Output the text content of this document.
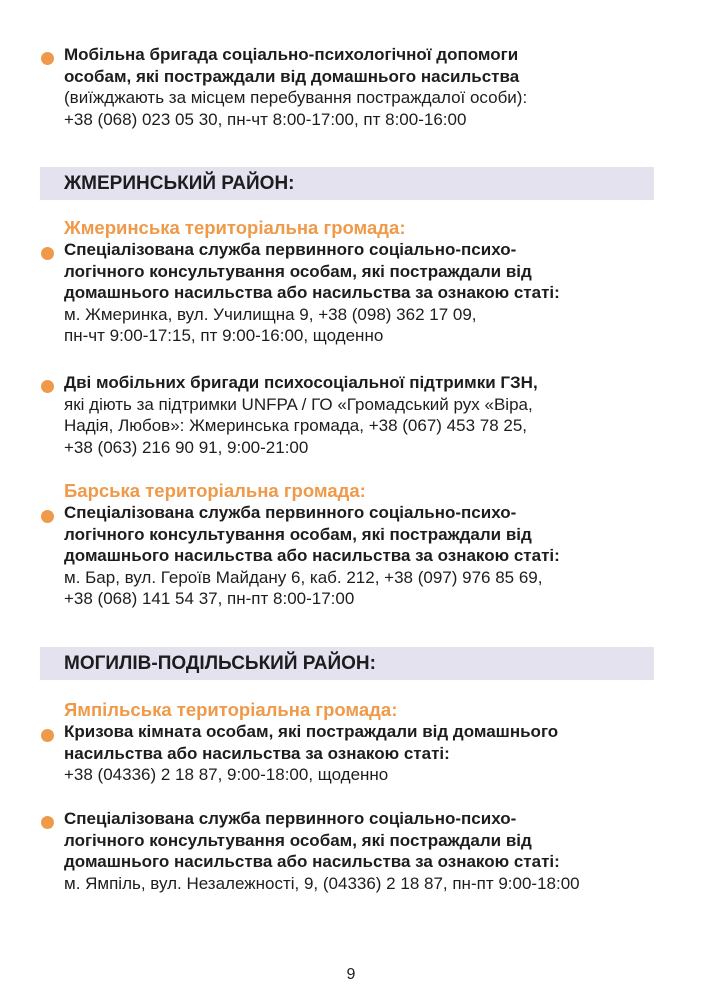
Мобільна бригада соціально-психологічної допомоги
особам, які постраждали від домашнього насильства
(виїжджають за місцем перебування постраждалої особи):
+38 (068) 023 05 30, пн-чт 8:00-17:00, пт 8:00-16:00
ЖМЕРИНСЬКИЙ РАЙОН:
Жмеринська територіальна громада:
Спеціалізована служба первинного соціально-психо-
логічного консультування особам, які постраждали від
домашнього насильства або насильства за ознакою статі:
м. Жмеринка, вул. Училищна 9, +38 (098) 362 17 09,
пн-чт 9:00-17:15, пт 9:00-16:00, щоденно
Дві мобільних бригади психосоціальної підтримки ГЗН,
які діють за підтримки UNFPA / ГО «Громадський рух «Віра,
Надія, Любов»: Жмеринська громада, +38 (067) 453 78 25,
+38 (063) 216 90 91, 9:00-21:00
Барська територіальна громада:
Спеціалізована служба первинного соціально-психо-
логічного консультування особам, які постраждали від
домашнього насильства або насильства за ознакою статі:
м. Бар, вул. Героїв Майдану 6, каб. 212, +38 (097) 976 85 69,
+38 (068) 141 54 37, пн-пт 8:00-17:00
МОГИЛІВ-ПОДІЛЬСЬКИЙ РАЙОН:
Ямпільська територіальна громада:
Кризова кімната особам, які постраждали від домашнього
насильства або насильства за ознакою статі:
+38 (04336) 2 18 87, 9:00-18:00, щоденно
Спеціалізована служба первинного соціально-психо-
логічного консультування особам, які постраждали від
домашнього насильства або насильства за ознакою статі:
м. Ямпіль, вул. Незалежності, 9, (04336) 2 18 87, пн-пт 9:00-18:00
9
